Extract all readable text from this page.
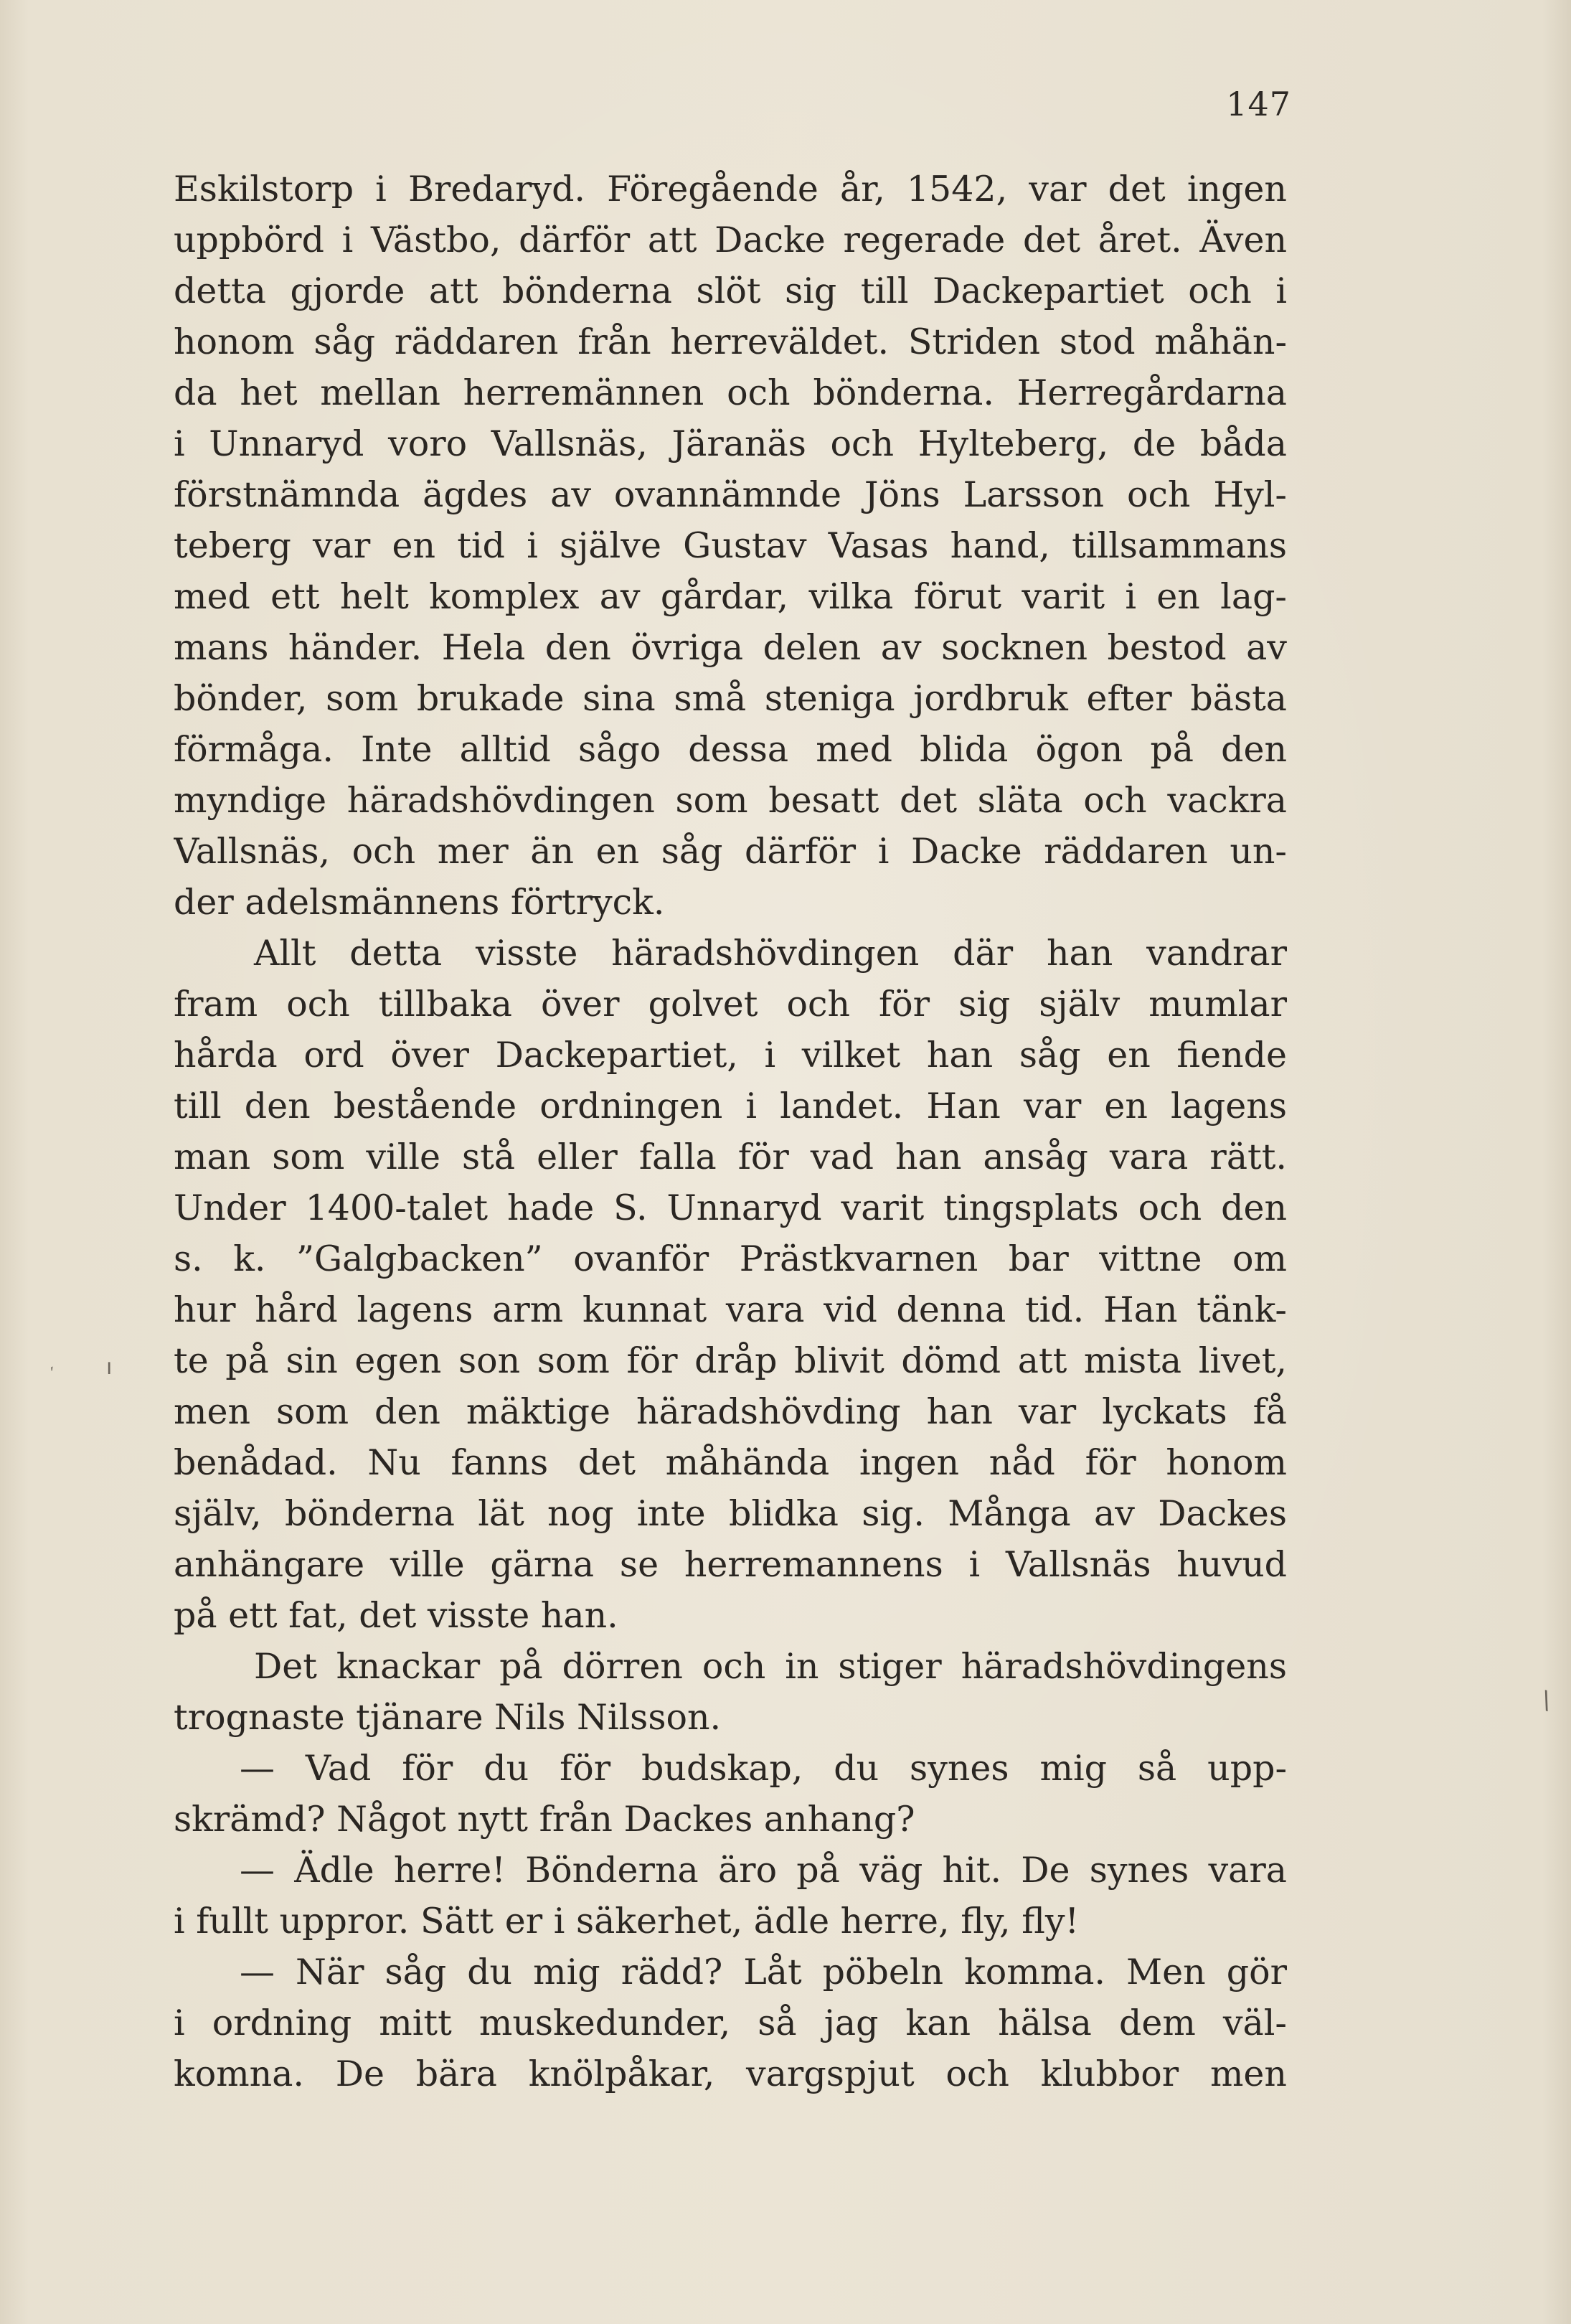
147
Eskilstorp i Bredaryd. Föregående år, 1542, var det ingen
uppbörd i Västbo, därför att Dacke regerade det året. Även
detta gjorde att bönderna slöt sig till Dackepartiet och i
honom såg räddaren från herreväldet. Striden stod måhän-
da het mellan herremännen och bönderna. Herregårdarna
i Unnaryd voro Vallsnäs, Järanäs och Hylteberg, de båda
förstnämnda ägdes av ovannämnde Jöns Larsson och Hyl-
teberg var en tid i själve Gustav Vasas hand, tillsammans
med ett helt komplex av gårdar, vilka förut varit i en lag-
mans händer. Hela den övriga delen av socknen bestod av
bönder, som brukade sina små steniga jordbruk efter bästa
förmåga. Inte alltid sågo dessa med blida ögon på den
myndige häradshövdingen som besatt det släta och vackra
Vallsnäs, och mer än en såg därför i Dacke räddaren un-
der adelsmännens förtryck.
Allt detta visste häradshövdingen där han vandrar
fram och tillbaka över golvet och för sig själv mumlar
hårda ord över Dackepartiet, i vilket han såg en fiende
till den bestående ordningen i landet. Han var en lagens
man som ville stå eller falla för vad han ansåg vara rätt.
Under 1400-talet hade S. Unnaryd varit tingsplats och den
s. k. ”Galgbacken” ovanför Prästkvarnen bar vittne om
hur hård lagens arm kunnat vara vid denna tid. Han tänk-
te på sin egen son som för dråp blivit dömd att mista livet,
men som den mäktige häradshövding han var lyckats få
benådad. Nu fanns det måhända ingen nåd för honom
själv, bönderna lät nog inte blidka sig. Många av Dackes
anhängare ville gärna se herremannens i Vallsnäs huvud
på ett fat, det visste han.
Det knackar på dörren och in stiger häradshövdingens
trognaste tjänare Nils Nilsson.
— Vad för du för budskap, du synes mig så upp-
skrämd? Något nytt från Dackes anhang?
— Ädle herre! Bönderna äro på väg hit. De synes vara
i fullt uppror. Sätt er i säkerhet, ädle herre, fly, fly!
— När såg du mig rädd? Låt pöbeln komma. Men gör
i ordning mitt muskedunder, så jag kan hälsa dem väl-
komna. De bära knölpåkar, vargspjut och klubbor men
′ ı
\
